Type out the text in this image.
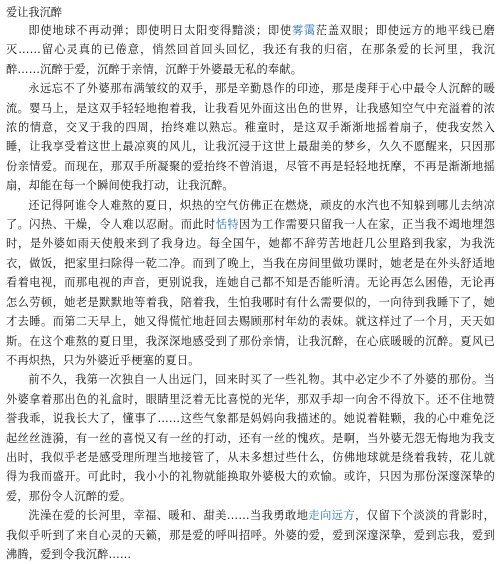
爱让我沉醉

即使地球不再动弹；即使明日太阳变得黯淡；即使雾霭茫盖双眼；即使远方的地平线已磨灭……留心灵真的已倦意，悄然回首回头回忆，我还有我的归宿，在那条爱的长河里，我沉醉……沉醉于爱，沉醉于亲情，沉醉于外婆最无私的奉献。

永远忘不了外婆那布满皱纹的双手，那是辛勤恳作的印迹，那是虔拜于心中最令人沉醉的暖流。婴马上，是这双手轻轻地抱着我，让我看见外面这出色的世界，让我感知空气中充溢着的浓浓的情意，交叉于我的四周，抬终难以熟忘。稚童时，是这双手渐渐地摇着扇子，使我安然入睡，让我享受着这世上最凉爽的风儿，让我沉浸于这世上最甜美的梦乡，久久不愿醒来，只因那份亲情爱。而现在，那双手所凝聚的爱抬终不曾消退，尽管不再是轻轻地抚摩，不再是渐渐地摇扇，却能在每一个瞬间使我打动，让我沉醉。

还记得阿谁令人难熬的夏日，炽热的空气仿佛正在燃烧，顽皮的水汽也不知躲到哪儿去纳凉了。闪热、干燥，令人难以忍耐。而此时恬特因为工作需要只留我一人在家，正当我不竭地埋怨时，是外婆如雨天使般来到了我身边。每全国午，她都不辞劳苦地赶几公里路到我家，为我洗衣，做饭，把家里扫除得一乾二净。而到了晚上，当我在房间里做功课时，她老是在外头舒适地看着电视，而那电视的声音，更别说我，连她自己都不知是否能听清。无论再怎么困倦，无论再怎么劳顿，她老是默默地等着我，陪着我，生怕我哪时有什么需要似的，一向待到我睡下了，她才去睡。而第二天早上，她又得慌忙地赶回去赐顾那村年幼的表妹。就这样过了一个月，天天如斯。在这个难熬的夏日里，我深深地感受到了那份亲情，让我沉醉，在心底暖暖的沉醉。夏风已不再炽热，只为外婆近乎梗塞的夏日。

前不久，我第一次独自一人出远门，回来时买了一些礼物。其中必定少不了外婆的那份。当外婆拿着那出色的礼盒时，眼睛里泛着无比喜悦的光华，那双手却一向舍不得放下。还不住地赞誉我乖，说我长大了，懂事了……这些气象都是妈妈向我描述的。她说着鞋颗，我的心中难免泛起丝丝涟漪，有一丝的喜悦又有一丝的打动，还有一丝的愧疚。是啊，当外婆无怨无悔地为我支出时，我似乎老是感受理所理当地接管了，从未多想过些什么，仿佛地球就是绕着我转，花儿就得为我而盛开。可此时，我小小的礼物就能换取外婆极大的欢愉。或许，只因为那份深邃深挚的爱，那份令人沉醉的爱。

洗澡在爱的长河里，幸福、暖和、甜美……当我勇敢地走向远方，仅留下个淡淡的背影时，我似乎听到了来自心灵的天籁，那是爱的呼叫招呼。外婆的爱，爱到深邃深挚，爱到忘我，爱到沸腾，爱到令我沉醉……
